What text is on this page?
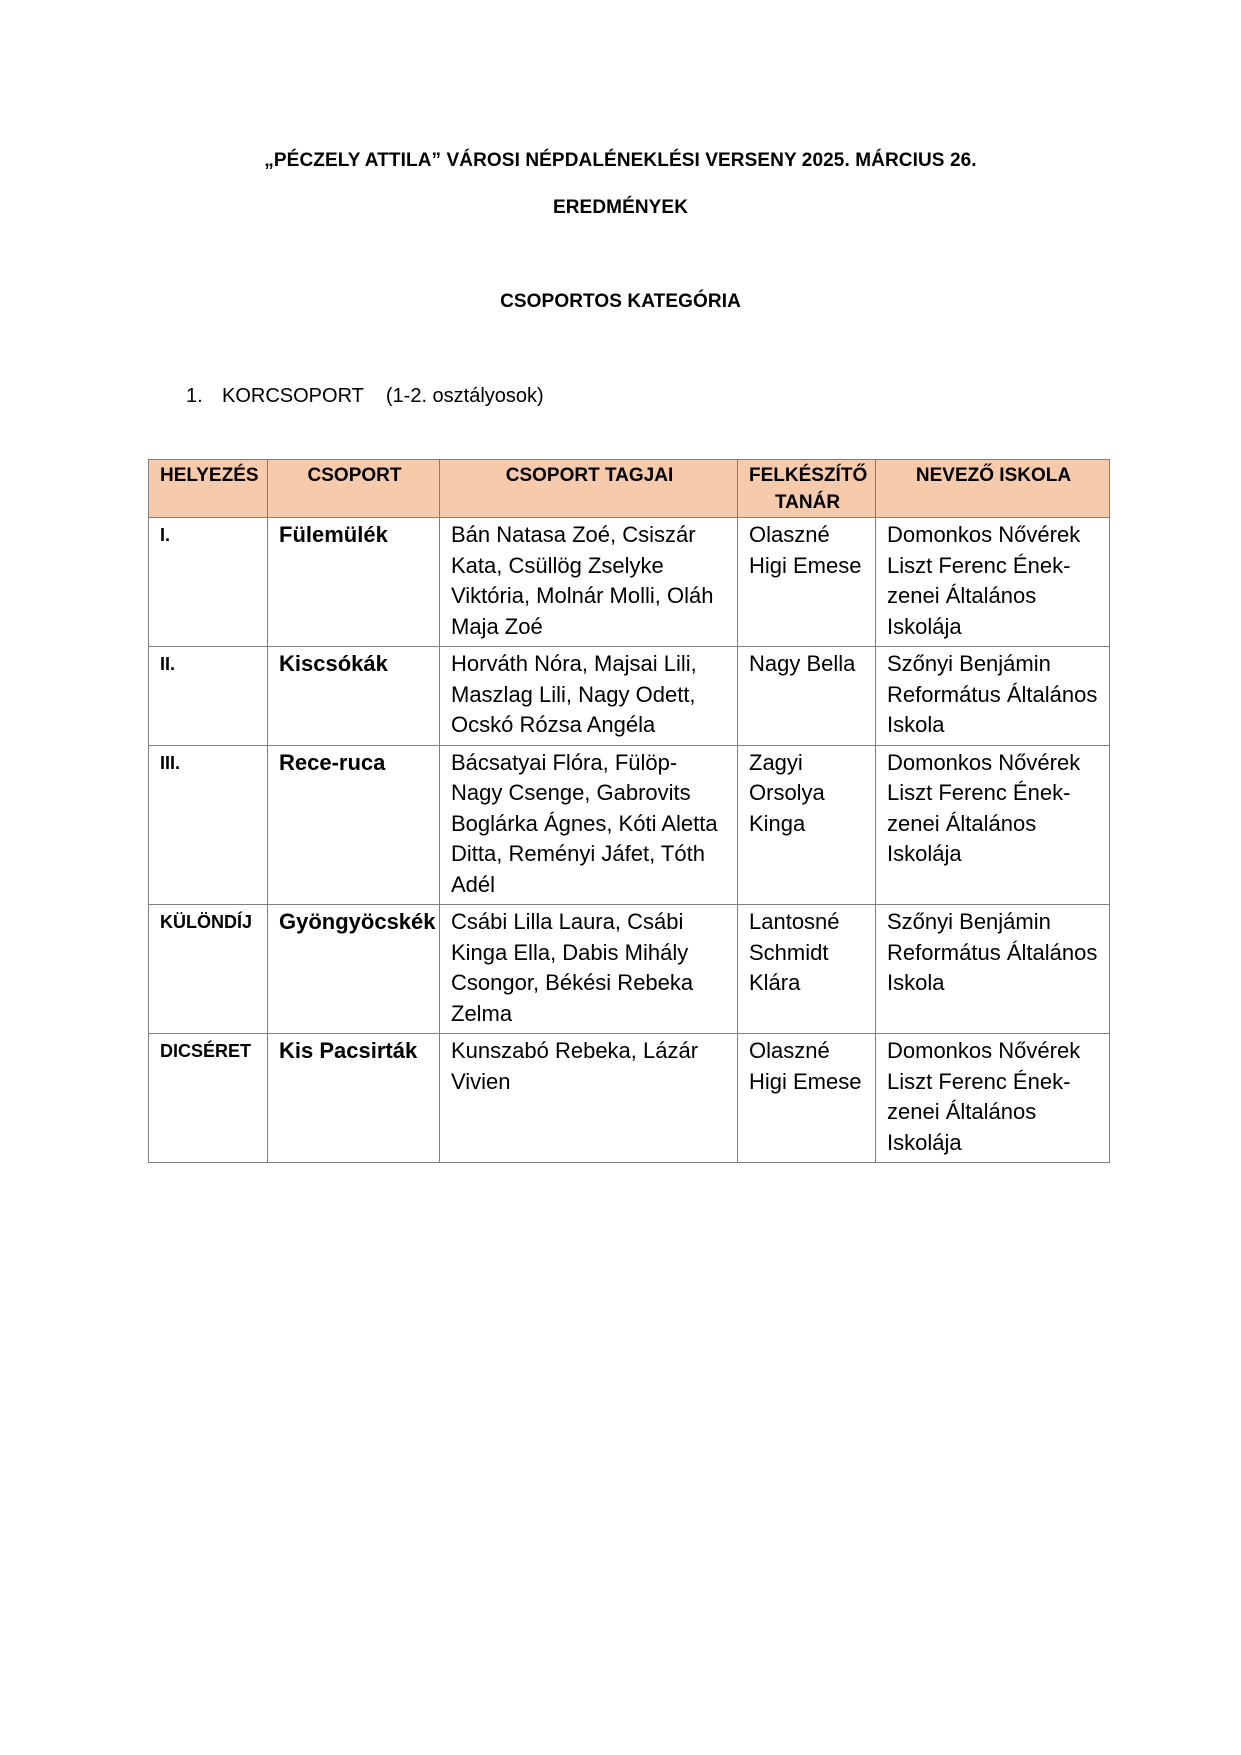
„PÉCZELY ATTILA” VÁROSI NÉPDALÉNEKLÉSI VERSENY 2025. MÁRCIUS 26.
EREDMÉNYEK
CSOPORTOS KATEGÓRIA
1. KORCSOPORT (1-2. osztályosok)
HELYEZÉS	CSOPORT	CSOPORT TAGJAI	FELKÉSZÍTŐ TANÁR	NEVEZŐ ISKOLA
I.	Fülemülék	Bán Natasa Zoé, Csiszár Kata, Csüllög Zselyke Viktória, Molnár Molli, Oláh Maja Zoé	Olaszné Higi Emese	Domonkos Nővérek Liszt Ferenc Ének-zenei Általános Iskolája
II.	Kiscsókák	Horváth Nóra, Majsai Lili, Maszlag Lili, Nagy Odett, Ocskó Rózsa Angéla	Nagy Bella	Szőnyi Benjámin Református Általános Iskola
III.	Rece-ruca	Bácsatyai Flóra, Fülöp-Nagy Csenge, Gabrovits Boglárka Ágnes, Kóti Aletta Ditta, Reményi Jáfet, Tóth Adél	Zagyi Orsolya Kinga	Domonkos Nővérek Liszt Ferenc Ének-zenei Általános Iskolája
KÜLÖNDÍJ	Gyöngyöcskék	Csábi Lilla Laura, Csábi Kinga Ella, Dabis Mihály Csongor, Békési Rebeka Zelma	Lantosné Schmidt Klára	Szőnyi Benjámin Református Általános Iskola
DICSÉRET	Kis Pacsirták	Kunszabó Rebeka, Lázár Vivien	Olaszné Higi Emese	Domonkos Nővérek Liszt Ferenc Ének-zenei Általános Iskolája
